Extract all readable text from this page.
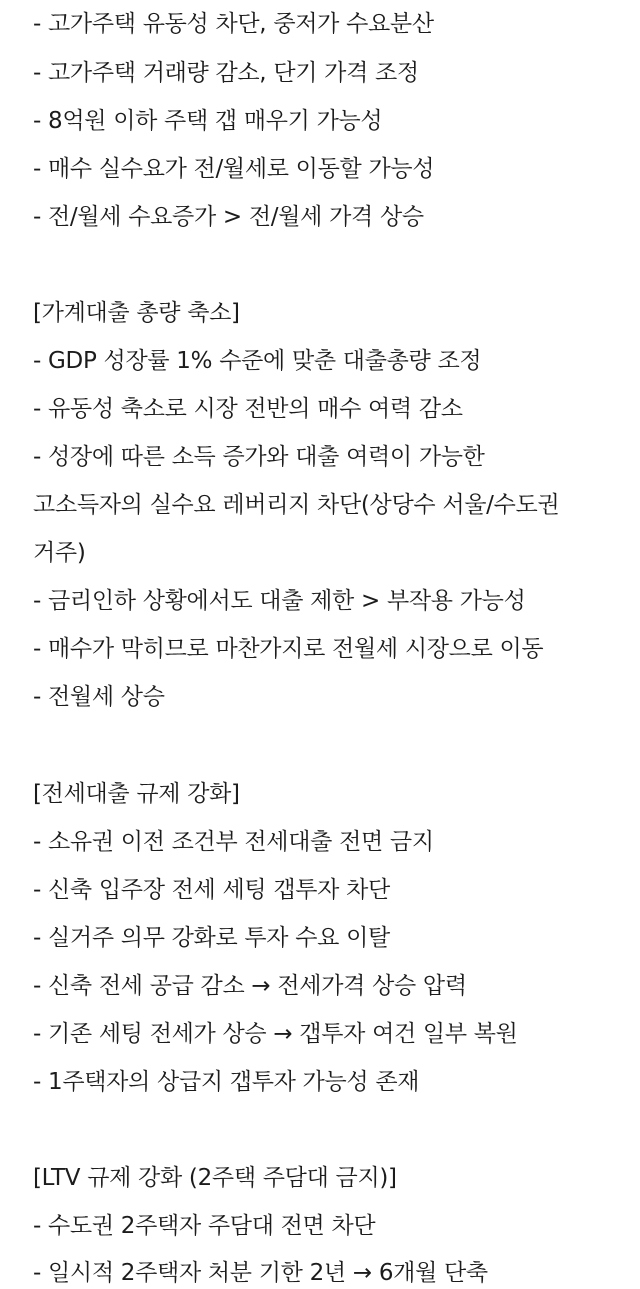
- 고가주택 유동성 차단, 중저가 수요분산
- 고가주택 거래량 감소, 단기 가격 조정
- 8억원 이하 주택 갭 매우기 가능성
- 매수 실수요가 전/월세로 이동할 가능성
- 전/월세 수요증가 > 전/월세 가격 상승
[가계대출 총량 축소]
- GDP 성장률 1% 수준에 맞춘 대출총량 조정
- 유동성 축소로 시장 전반의 매수 여력 감소
- 성장에 따른 소득 증가와 대출 여력이 가능한
고소득자의 실수요 레버리지 차단(상당수 서울/수도권
거주)
- 금리인하 상황에서도 대출 제한 > 부작용 가능성
- 매수가 막히므로 마찬가지로 전월세 시장으로 이동
- 전월세 상승
[전세대출 규제 강화]
- 소유권 이전 조건부 전세대출 전면 금지
- 신축 입주장 전세 세팅 갭투자 차단
- 실거주 의무 강화로 투자 수요 이탈
- 신축 전세 공급 감소 → 전세가격 상승 압력
- 기존 세팅 전세가 상승 → 갭투자 여건 일부 복원
- 1주택자의 상급지 갭투자 가능성 존재
[LTV 규제 강화 (2주택 주담대 금지)]
- 수도권 2주택자 주담대 전면 차단
- 일시적 2주택자 처분 기한 2년 → 6개월 단축
